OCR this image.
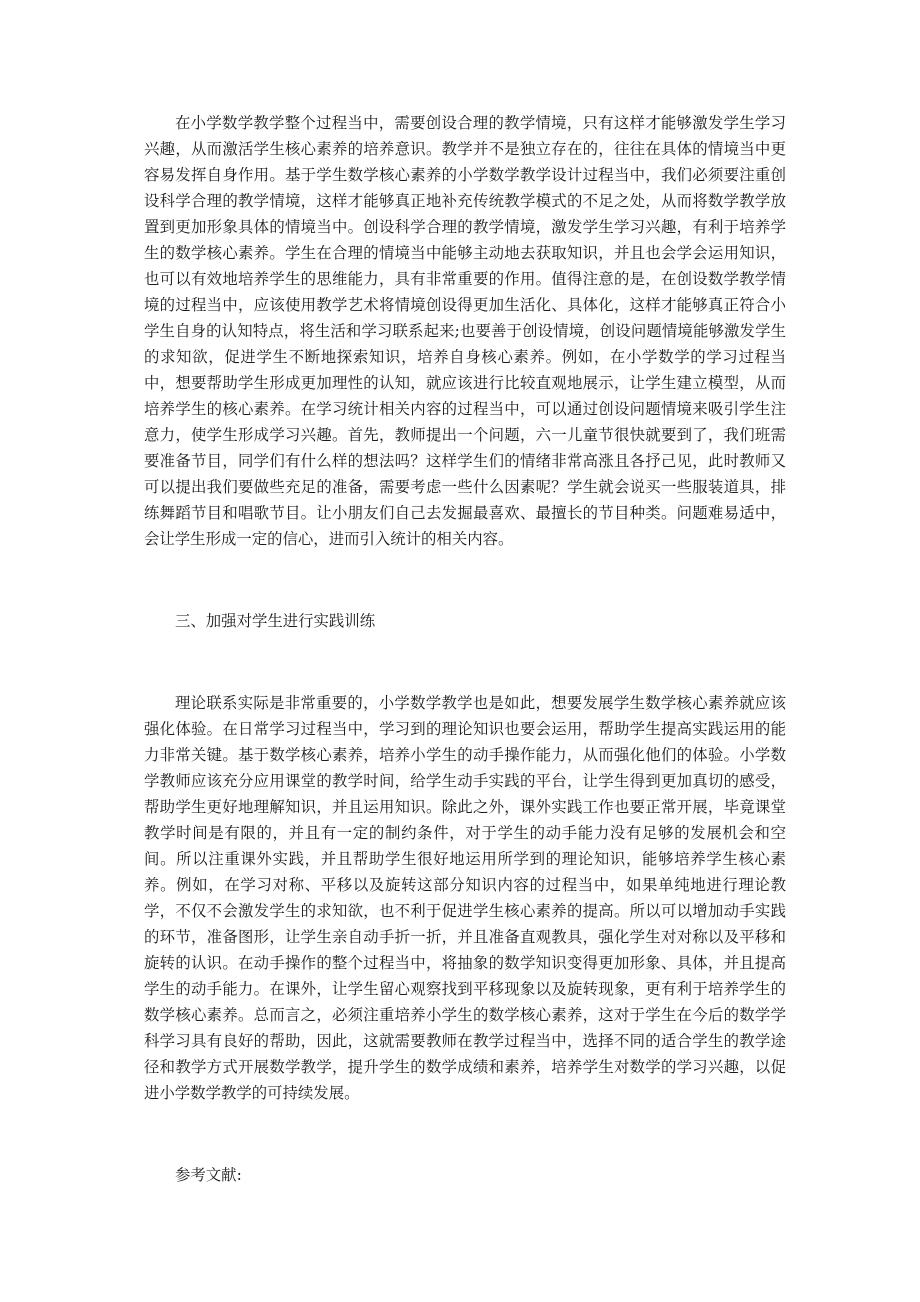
在小学数学教学整个过程当中，需要创设合理的教学情境，只有这样才能够激发学生学习兴趣，从而激活学生核心素养的培养意识。教学并不是独立存在的，往往在具体的情境当中更容易发挥自身作用。基于学生数学核心素养的小学数学教学设计过程当中，我们必须要注重创设科学合理的教学情境，这样才能够真正地补充传统教学模式的不足之处，从而将数学教学放置到更加形象具体的情境当中。创设科学合理的教学情境，激发学生学习兴趣，有利于培养学生的数学核心素养。学生在合理的情境当中能够主动地去获取知识，并且也会学会运用知识，也可以有效地培养学生的思维能力，具有非常重要的作用。值得注意的是，在创设数学教学情境的过程当中，应该使用教学艺术将情境创设得更加生活化、具体化，这样才能够真正符合小学生自身的认知特点，将生活和学习联系起来;也要善于创设情境，创设问题情境能够激发学生的求知欲，促进学生不断地探索知识，培养自身核心素养。例如，在小学数学的学习过程当中，想要帮助学生形成更加理性的认知，就应该进行比较直观地展示，让学生建立模型，从而培养学生的核心素养。在学习统计相关内容的过程当中，可以通过创设问题情境来吸引学生注意力，使学生形成学习兴趣。首先，教师提出一个问题，六一儿童节很快就要到了，我们班需要准备节目，同学们有什么样的想法吗？这样学生们的情绪非常高涨且各抒己见，此时教师又可以提出我们要做些充足的准备，需要考虑一些什么因素呢？学生就会说买一些服装道具，排练舞蹈节目和唱歌节目。让小朋友们自己去发掘最喜欢、最擅长的节目种类。问题难易适中，会让学生形成一定的信心，进而引入统计的相关内容。

三、加强对学生进行实践训练

理论联系实际是非常重要的，小学数学教学也是如此，想要发展学生数学核心素养就应该强化体验。在日常学习过程当中，学习到的理论知识也要会运用，帮助学生提高实践运用的能力非常关键。基于数学核心素养，培养小学生的动手操作能力，从而强化他们的体验。小学数学教师应该充分应用课堂的教学时间，给学生动手实践的平台，让学生得到更加真切的感受，帮助学生更好地理解知识，并且运用知识。除此之外，课外实践工作也要正常开展，毕竟课堂教学时间是有限的，并且有一定的制约条件，对于学生的动手能力没有足够的发展机会和空间。所以注重课外实践，并且帮助学生很好地运用所学到的理论知识，能够培养学生核心素养。例如，在学习对称、平移以及旋转这部分知识内容的过程当中，如果单纯地进行理论教学，不仅不会激发学生的求知欲，也不利于促进学生核心素养的提高。所以可以增加动手实践的环节，准备图形，让学生亲自动手折一折，并且准备直观教具，强化学生对对称以及平移和旋转的认识。在动手操作的整个过程当中，将抽象的数学知识变得更加形象、具体，并且提高学生的动手能力。在课外，让学生留心观察找到平移现象以及旋转现象，更有利于培养学生的数学核心素养。总而言之，必须注重培养小学生的数学核心素养，这对于学生在今后的数学学科学习具有良好的帮助，因此，这就需要教师在教学过程当中，选择不同的适合学生的教学途径和教学方式开展数学教学，提升学生的数学成绩和素养，培养学生对数学的学习兴趣，以促进小学数学教学的可持续发展。

参考文献:
